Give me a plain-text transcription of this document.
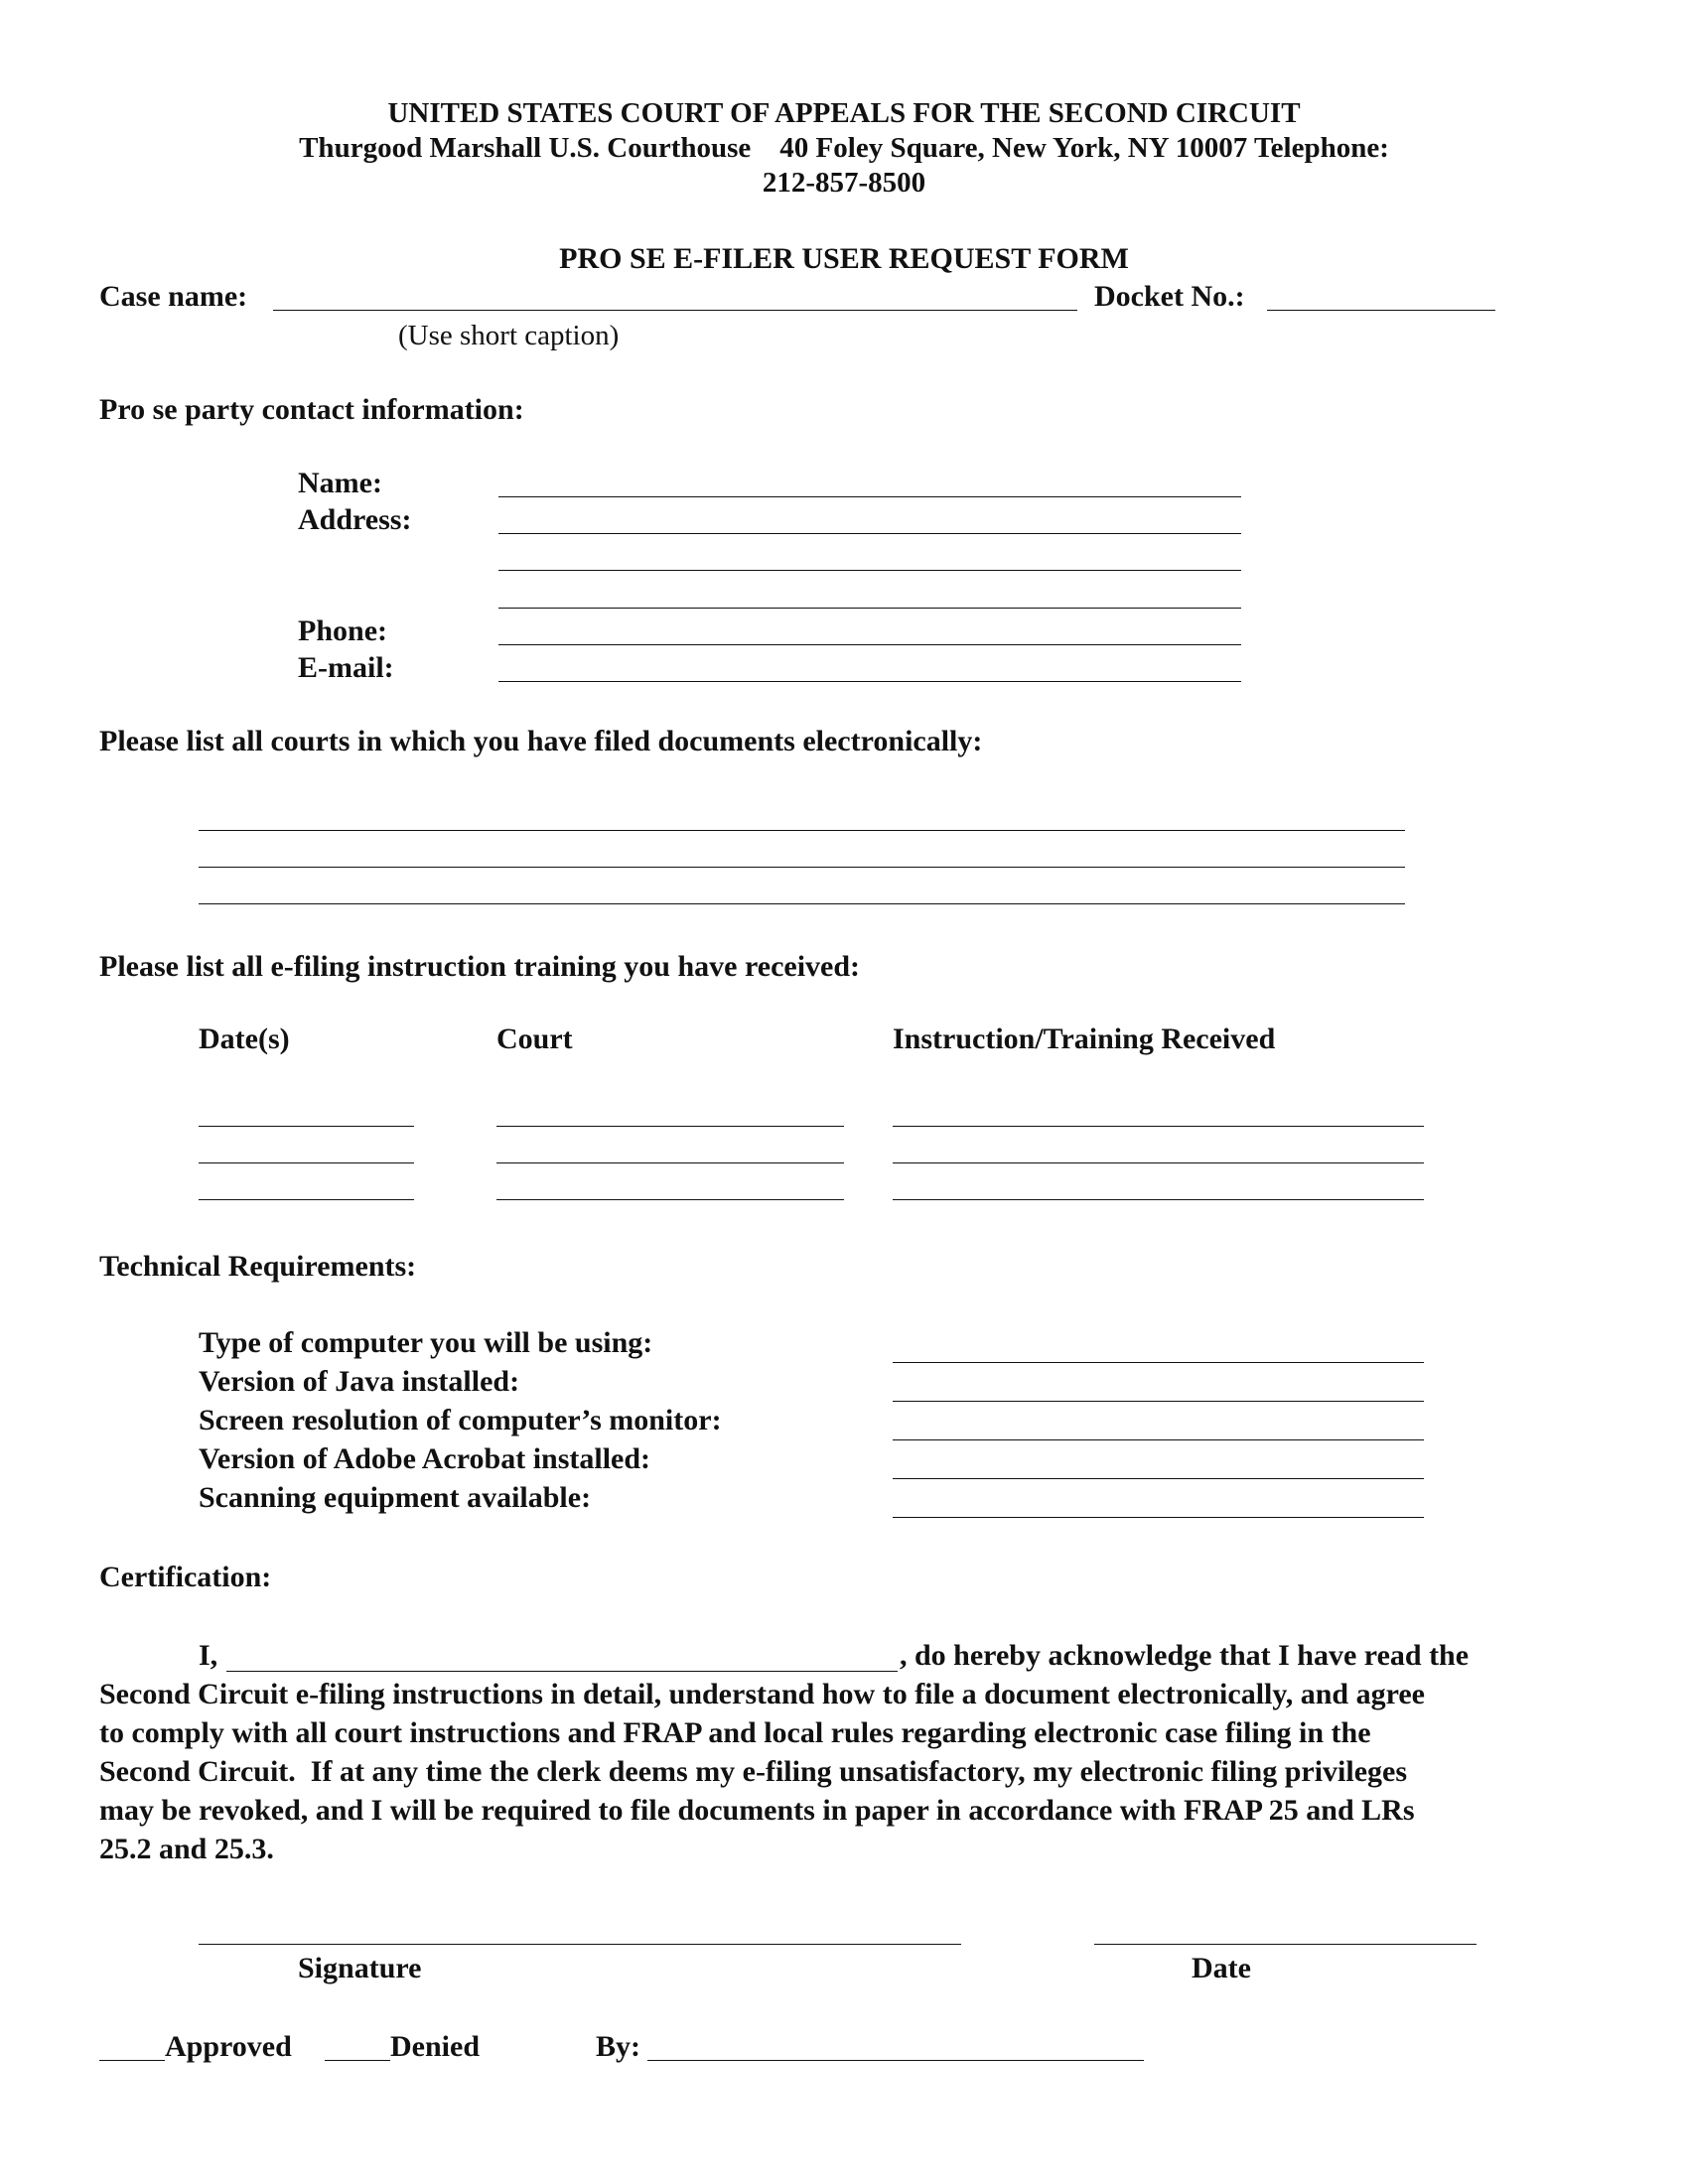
UNITED STATES COURT OF APPEALS FOR THE SECOND CIRCUIT
Thurgood Marshall U.S. Courthouse    40 Foley Square, New York, NY 10007 Telephone:
212-857-8500
PRO SE E-FILER USER REQUEST FORM
Case name:	Docket No.:
(Use short caption)
Pro se party contact information:
Name:
Address:
Phone:
E-mail:
Please list all courts in which you have filed documents electronically:
Please list all e-filing instruction training you have received:
Date(s)	Court	Instruction/Training Received
Technical Requirements:
Type of computer you will be using:
Version of Java installed:
Screen resolution of computer’s monitor:
Version of Adobe Acrobat installed:
Scanning equipment available:
Certification:
I,	, do hereby acknowledge that I have read the
Second Circuit e-filing instructions in detail, understand how to file a document electronically, and agree
to comply with all court instructions and FRAP and local rules regarding electronic case filing in the
Second Circuit.  If at any time the clerk deems my e-filing unsatisfactory, my electronic filing privileges
may be revoked, and I will be required to file documents in paper in accordance with FRAP 25 and LRs
25.2 and 25.3.
Signature	Date
Approved	Denied	By:
